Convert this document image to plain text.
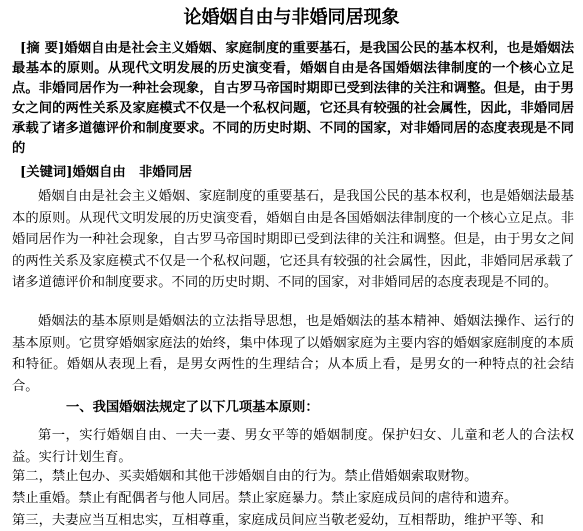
论婚姻自由与非婚同居现象

[摘 要]婚姻自由是社会主义婚姻、家庭制度的重要基石，是我国公民的基本权利，也是婚姻法最基本的原则。从现代文明发展的历史演变看，婚姻自由是各国婚姻法律制度的一个核心立足点。非婚同居作为一种社会现象，自古罗马帝国时期即已受到法律的关注和调整。但是，由于男女之间的两性关系及家庭模式不仅是一个私权问题，它还具有较强的社会属性，因此，非婚同居承载了诸多道德评价和制度要求。不同的历史时期、不同的国家，对非婚同居的态度表现是不同的

[关键词]婚姻自由　非婚同居

婚姻自由是社会主义婚姻、家庭制度的重要基石，是我国公民的基本权利，也是婚姻法最基本的原则。从现代文明发展的历史演变看，婚姻自由是各国婚姻法律制度的一个核心立足点。非婚同居作为一种社会现象，自古罗马帝国时期即已受到法律的关注和调整。但是，由于男女之间的两性关系及家庭模式不仅是一个私权问题，它还具有较强的社会属性，因此，非婚同居承载了诸多道德评价和制度要求。不同的历史时期、不同的国家，对非婚同居的态度表现是不同的。

婚姻法的基本原则是婚姻法的立法指导思想，也是婚姻法的基本精神、婚姻法操作、运行的基本原则。它贯穿婚姻家庭法的始终，集中体现了以婚姻家庭为主要内容的婚姻家庭制度的本质和特征。婚姻从表现上看，是男女两性的生理结合；从本质上看，是男女的一种特点的社会结合。

一、我国婚姻法规定了以下几项基本原则：

第一，实行婚姻自由、一夫一妻、男女平等的婚姻制度。保护妇女、儿童和老人的合法权益。实行计划生育。

第二，禁止包办、买卖婚姻和其他干涉婚姻自由的行为。禁止借婚姻索取财物。

禁止重婚。禁止有配偶者与他人同居。禁止家庭暴力。禁止家庭成员间的虐待和遗弃。

第三，夫妻应当互相忠实，互相尊重，家庭成员间应当敬老爱幼，互相帮助，维护平等、和
